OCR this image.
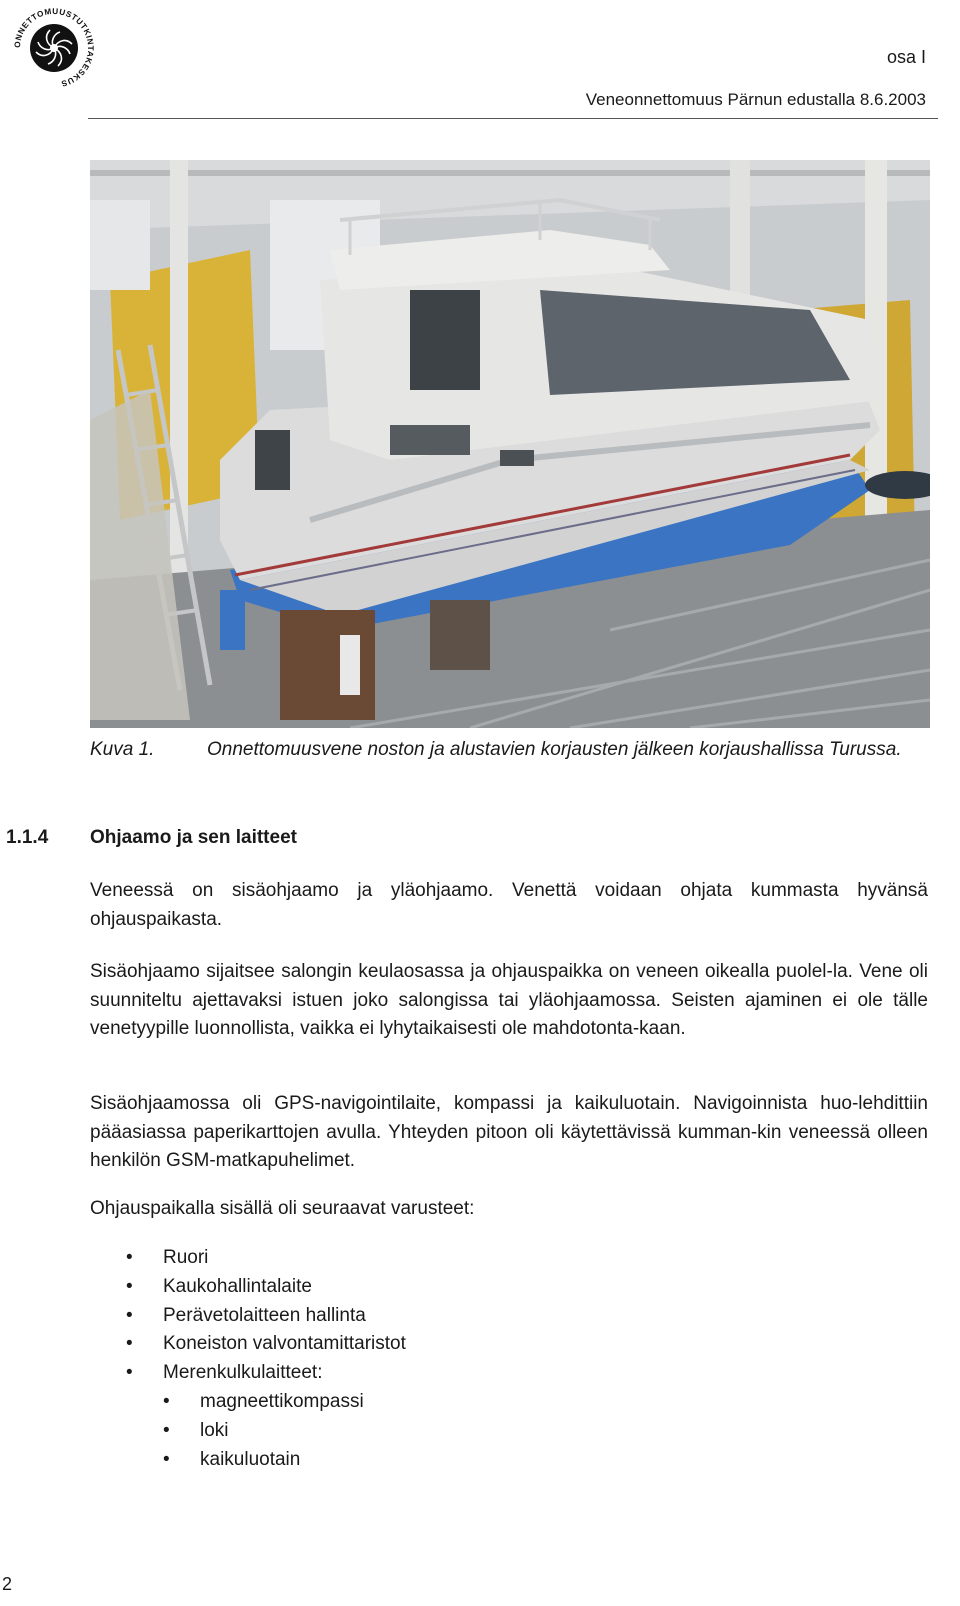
ONNETTOMUUSTUTKINTAKESKUS
osa I
Veneonnettomuus Pärnun edustalla 8.6.2003
Kuva 1.	Onnettomuusvene noston ja alustavien korjausten jälkeen korjaushallissa Turussa.
1.1.4 Ohjaamo ja sen laitteet
Veneessä on sisäohjaamo ja yläohjaamo. Venettä voidaan ohjata kummasta hyvänsä ohjauspaikasta.
Sisäohjaamo sijaitsee salongin keulaosassa ja ohjauspaikka on veneen oikealla puolel-la. Vene oli suunniteltu ajettavaksi istuen joko salongissa tai yläohjaamossa. Seisten ajaminen ei ole tälle venetyypille luonnollista, vaikka ei lyhytaikaisesti ole mahdotonta-kaan.
Sisäohjaamossa oli GPS-navigointilaite, kompassi ja kaikuluotain. Navigoinnista huo-lehdittiin pääasiassa paperikarttojen avulla. Yhteyden pitoon oli käytettävissä kumman-kin veneessä olleen henkilön GSM-matkapuhelimet.
Ohjauspaikalla sisällä oli seuraavat varusteet:
• Ruori
• Kaukohallintalaite
• Perävetolaitteen hallinta
• Koneiston valvontamittaristot
• Merenkulkulaitteet:
• magneettikompassi
• loki
• kaikuluotain
2
